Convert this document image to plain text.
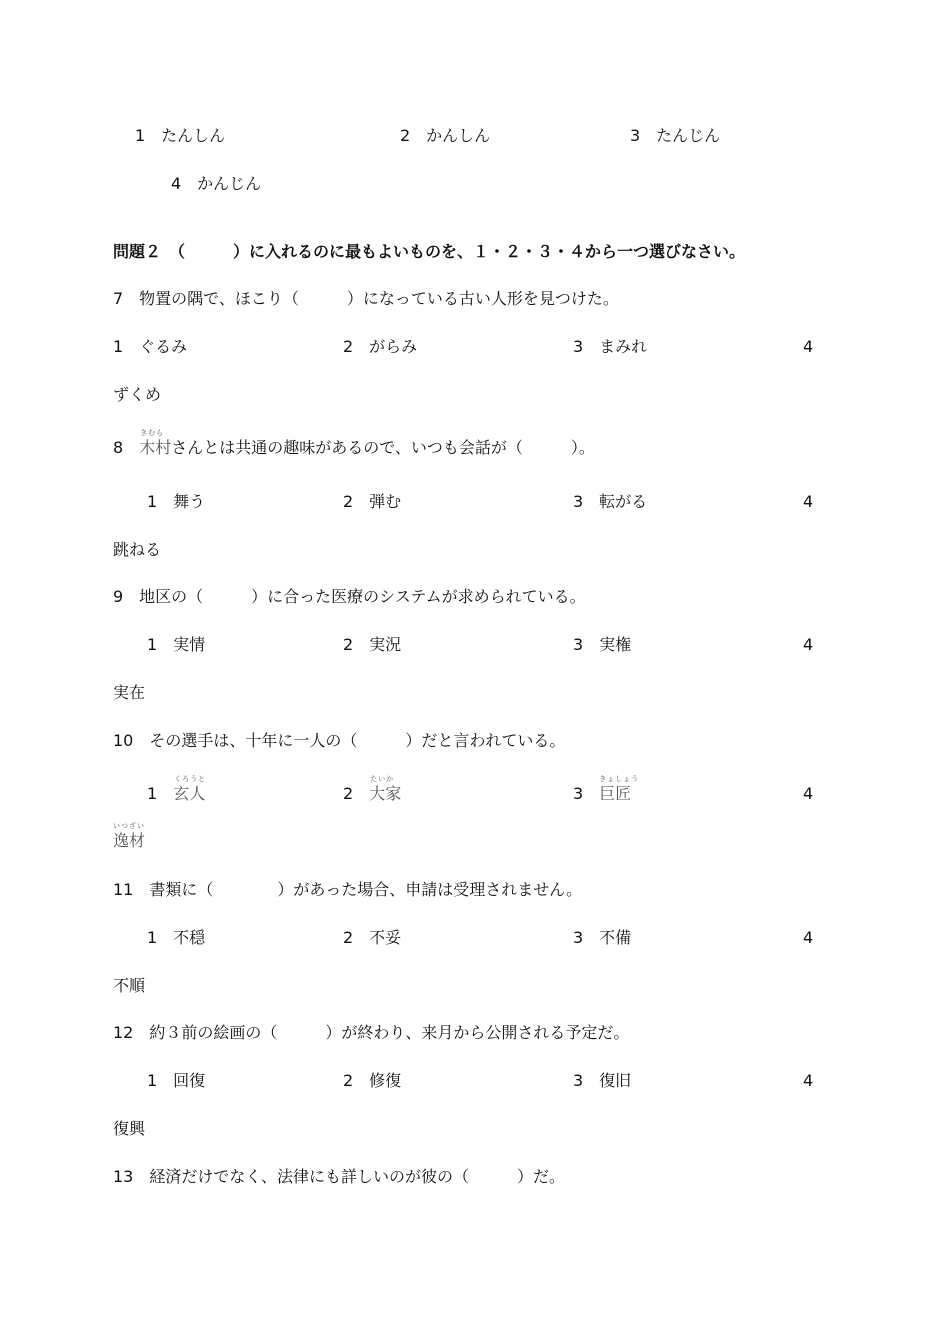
1　たんしん	2　かんしん	3　たんじん
4　かんじん
問題２　（　　　）に入れるのに最もよいものを、１・２・３・４から一つ選びなさい。
7　物置の隅で、ほこり（　　　）になっている古い人形を見つけた。
1　ぐるみ	2　がらみ	3　まみれ	4
ずくめ
8　
きむら
木村さんとは共通の趣味があるので、いつも会話が（　　　）。
1　舞う	2　弾む	3　転がる	4
跳ねる
9　地区の（　　　）に合った医療のシステムが求められている。
1　実情	2　実況	3　実権	4
実在
10　その選手は、十年に一人の（　　　）だと言われている。
1　
くろうと
玄人	2　
たいか
大家	3　
きょしょう
巨匠	4
いつざい
逸材
11　書類に（　　　　）があった場合、申請は受理されません。
1　不穏	2　不妥	3　不備	4
不順
12　約３前の絵画の（　　　）が終わり、来月から公開される予定だ。
1　回復	2　修復	3　復旧	4
復興
13　経済だけでなく、法律にも詳しいのが彼の（　　　）だ。
